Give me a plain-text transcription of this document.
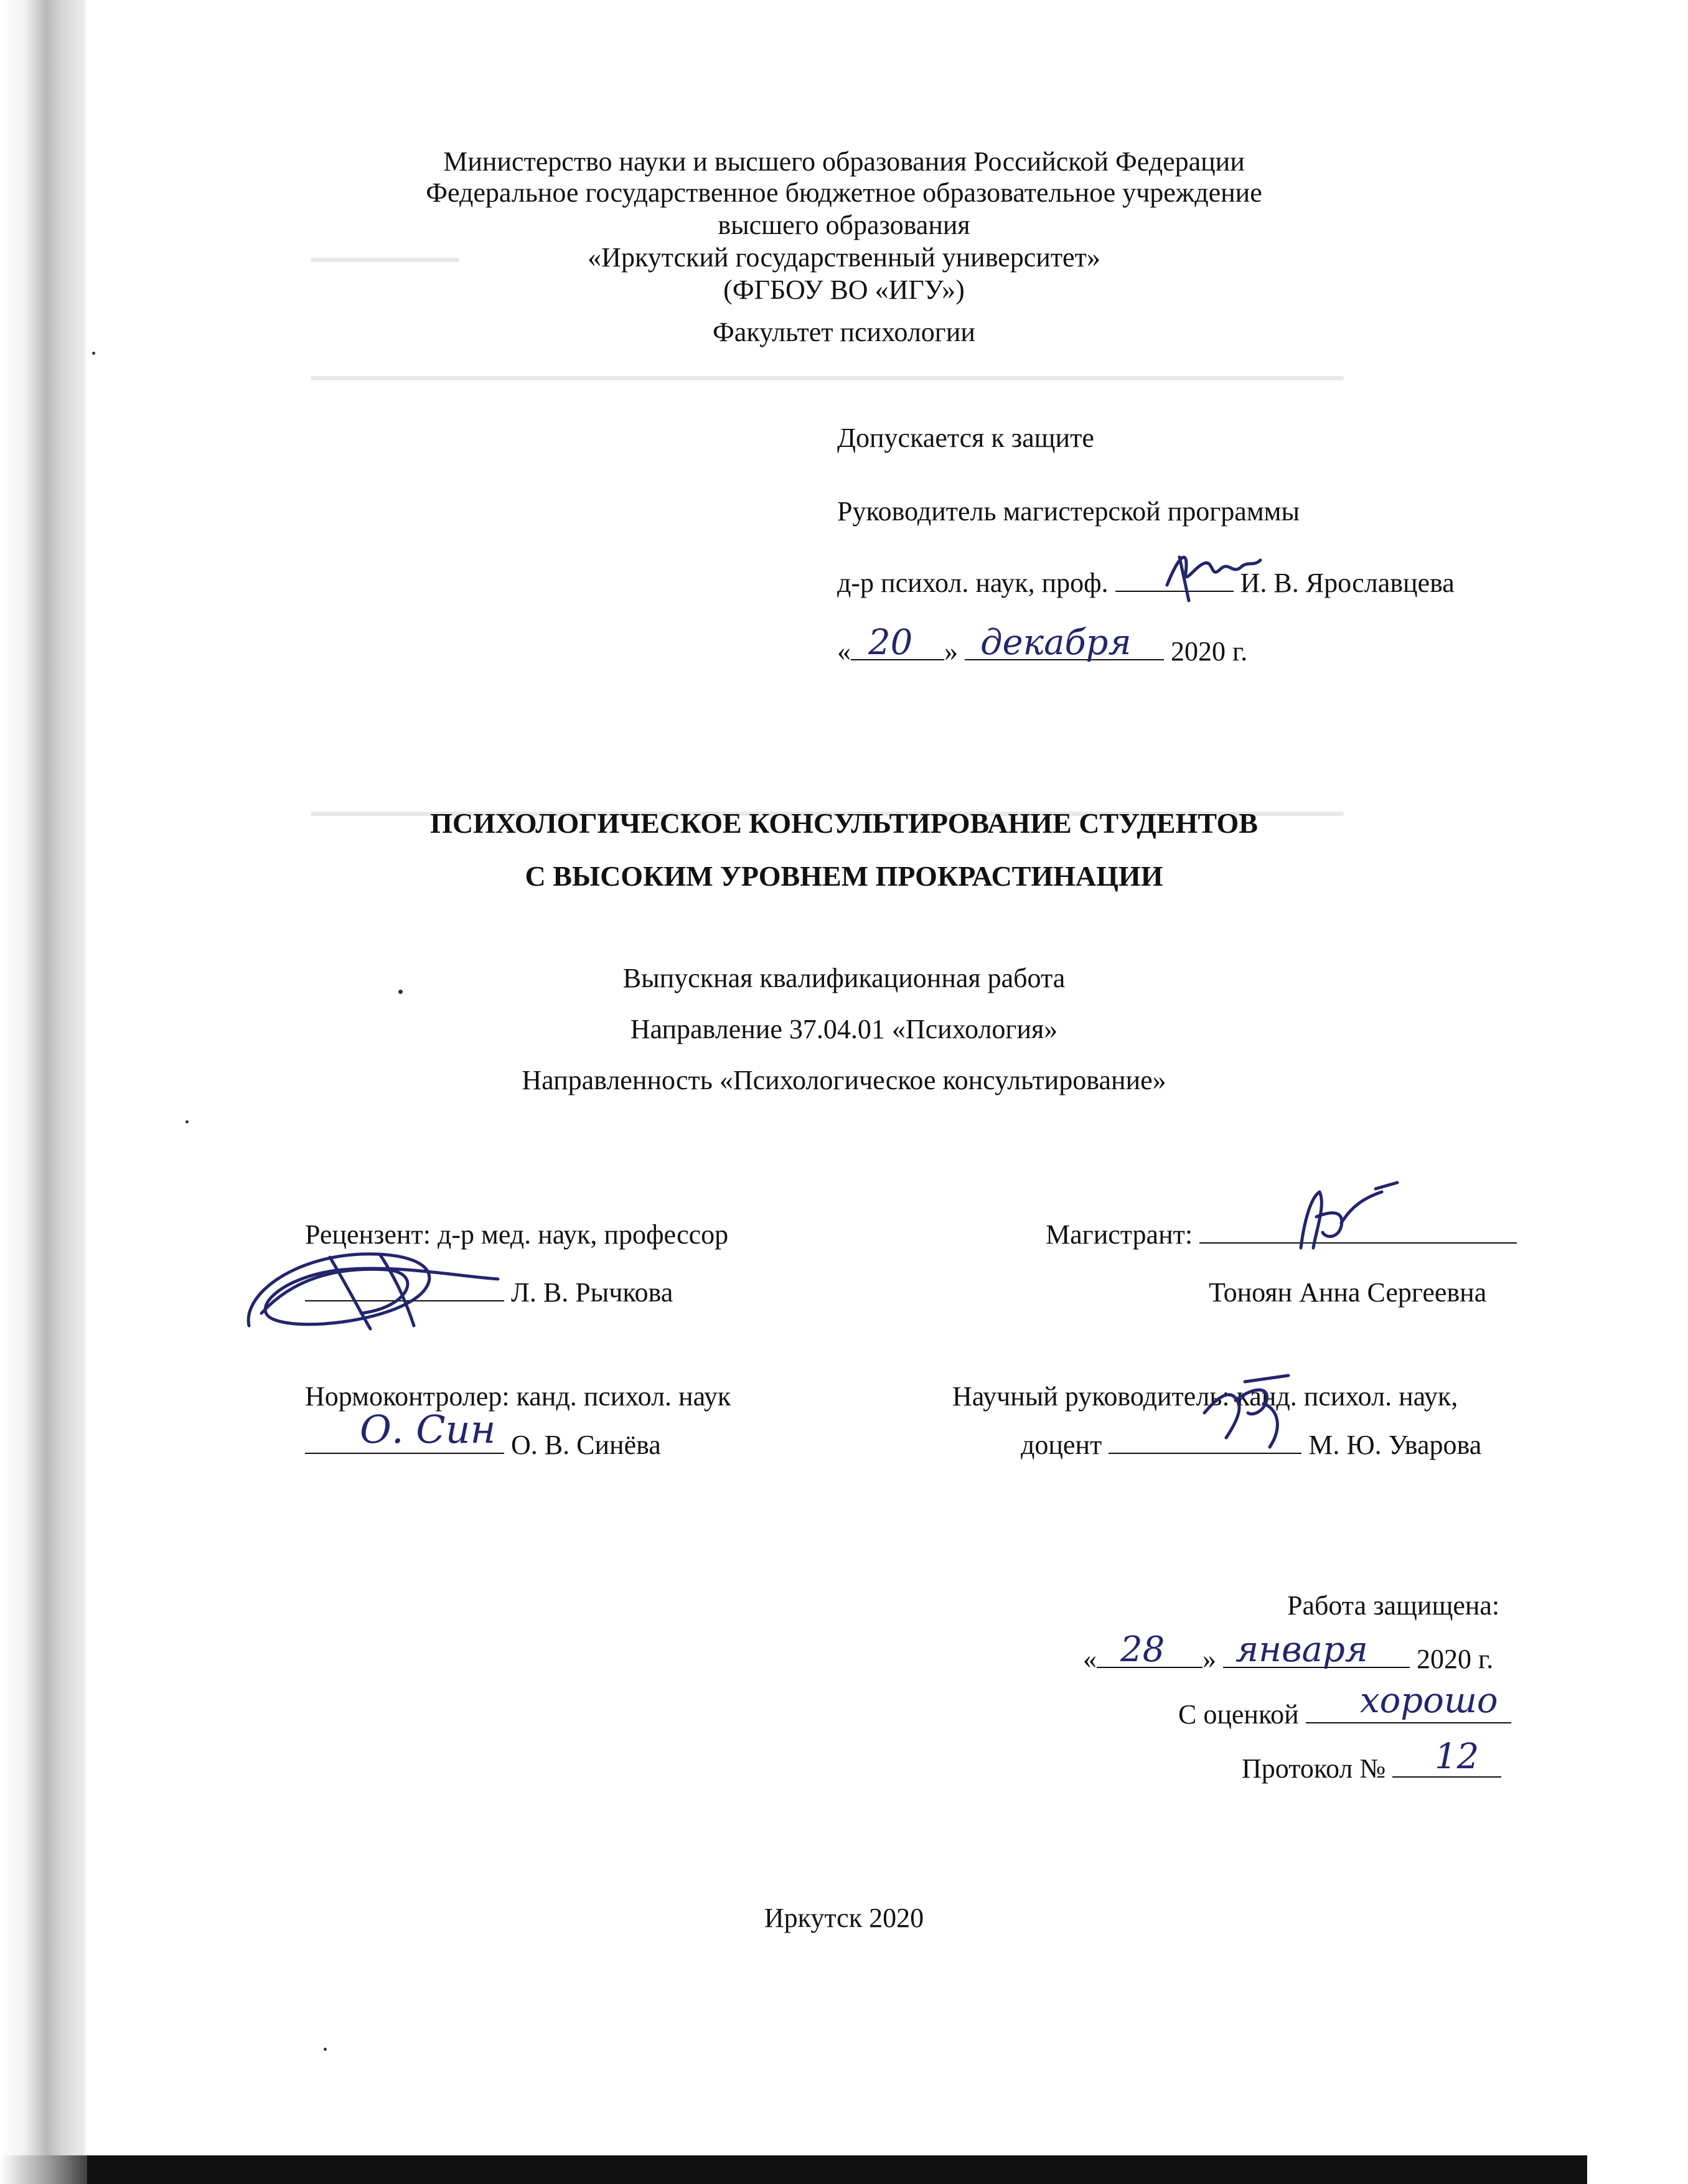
▁▁▁▁▁▁▁
▁▁▁▁▁▁▁▁▁▁▁▁▁▁▁▁▁▁▁▁▁▁▁▁▁▁▁▁▁▁▁▁▁▁▁▁▁▁▁▁▁▁▁▁▁▁▁▁▁
▁▁▁▁▁▁▁▁▁▁▁▁▁▁▁▁▁▁▁▁▁▁▁▁▁▁▁▁▁▁▁▁▁▁▁▁▁▁▁▁▁▁▁▁▁▁▁▁▁
Министерство науки и высшего образования Российской Федерации
Федеральное государственное бюджетное образовательное учреждение
высшего образования
«Иркутский государственный университет»
(ФГБОУ ВО «ИГУ»)
Факультет психологии
Допускается к защите
Руководитель магистерской программы
д-р психол. наук, проф.	И. В. Ярославцева
«	»	2020 г.
20 декабря
ПСИХОЛОГИЧЕСКОЕ КОНСУЛЬТИРОВАНИЕ СТУДЕНТОВ
С ВЫСОКИМ УРОВНЕМ ПРОКРАСТИНАЦИИ
Выпускная квалификационная работа
Направление 37.04.01 «Психология»
Направленность «Психологическое консультирование»
Рецензент: д-р мед. наук, профессор
Л. В. Рычкова
Магистрант:
Тоноян Анна Сергеевна
Нормоконтролер: канд. психол. наук
О. В. Синёва
О. Син
Научный руководитель: канд. психол. наук,
доцент	М. Ю. Уварова
Работа защищена:
«	»	2020 г.
28 января
С оценкой	хорошо
Протокол №	12
Иркутск 2020
